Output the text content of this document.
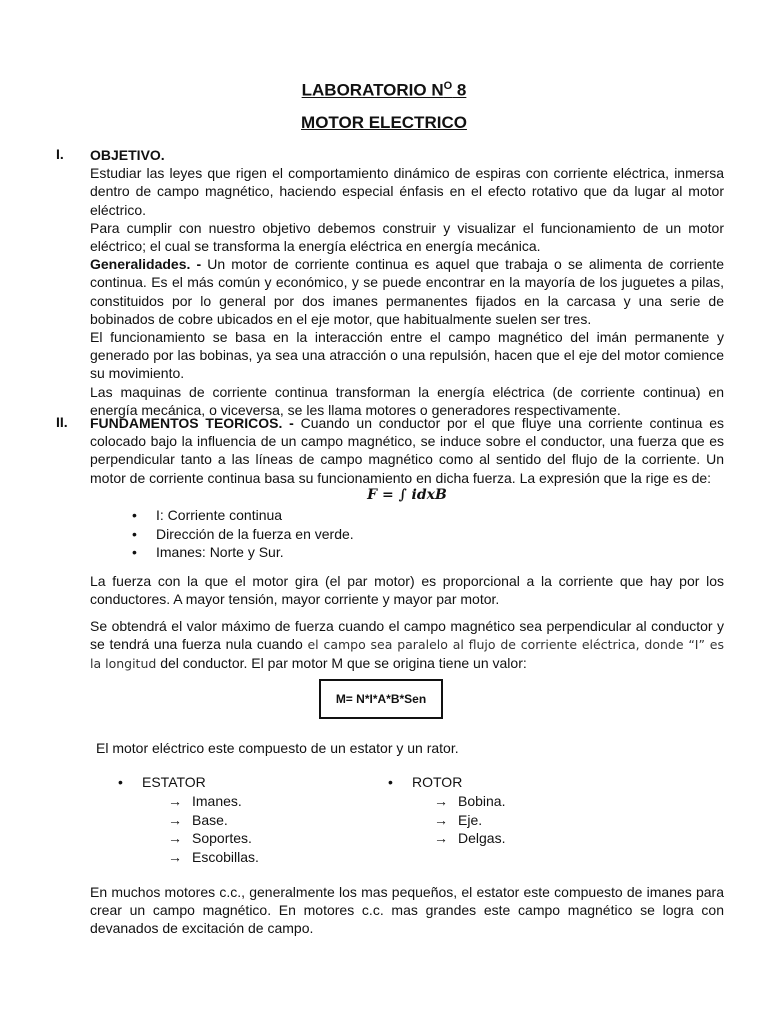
LABORATORIO $N^O$ 8
MOTOR ELECTRICO
I. OBJETIVO.

Estudiar las leyes que rigen el comportamiento dinámico de espiras con corriente eléctrica, inmersa dentro de campo magnético, haciendo especial énfasis en el efecto rotativo que da lugar al motor eléctrico.

Para cumplir con nuestro objetivo debemos construir y visualizar el funcionamiento de un motor eléctrico; el cual se transforma la energía eléctrica en energía mecánica.

Generalidades. - Un motor de corriente continua es aquel que trabaja o se alimenta de corriente continua. Es el más común y económico, y se puede encontrar en la mayoría de los juguetes a pilas, constituidos por lo general por dos imanes permanentes fijados en la carcasa y una serie de bobinados de cobre ubicados en el eje motor, que habitualmente suelen ser tres.

El funcionamiento se basa en la interacción entre el campo magnético del imán permanente y generado por las bobinas, ya sea una atracción o una repulsión, hacen que el eje del motor comience su movimiento.

Las maquinas de corriente continua transforman la energía eléctrica (de corriente continua) en energía mecánica, o viceversa, se les llama motores o generadores respectivamente.

II. FUNDAMENTOS TEORICOS. - Cuando un conductor por el que fluye una corriente continua es colocado bajo la influencia de un campo magnético, se induce sobre el conductor, una fuerza que es perpendicular tanto a las líneas de campo magnético como al sentido del flujo de la corriente. Un motor de corriente continua basa su funcionamiento en dicha fuerza. La expresión que la rige es de:

F = ∫ idxB
• I: Corriente continua
• Dirección de la fuerza en verde.
• Imanes: Norte y Sur.
La fuerza con la que el motor gira (el par motor) es proporcional a la corriente que hay por los conductores. A mayor tensión, mayor corriente y mayor par motor.

Se obtendrá el valor máximo de fuerza cuando el campo magnético sea perpendicular al conductor y se tendrá una fuerza nula cuando el campo sea paralelo al flujo de corriente eléctrica, donde “I” es la longitud del conductor. El par motor M que se origina tiene un valor:

M= N*I*A*B*Sen
El motor eléctrico este compuesto de un estator y un rator.
• ESTATOR
→ Imanes.
→ Base.
→ Soportes.
→ Escobillas.
• ROTOR
→ Bobina.
→ Eje.
→ Delgas.
En muchos motores c.c., generalmente los mas pequeños, el estator este compuesto de imanes para crear un campo magnético. En motores c.c. mas grandes este campo magnético se logra con devanados de excitación de campo.
